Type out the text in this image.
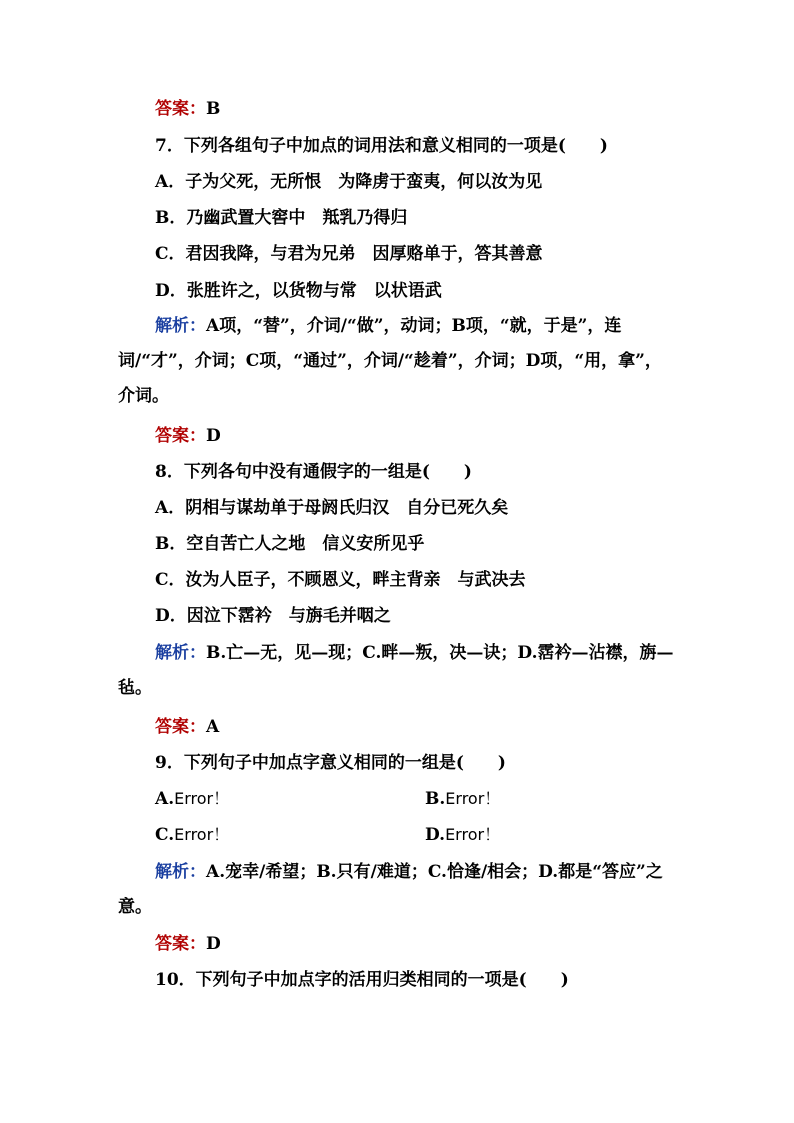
答案：B
7．下列各组句子中加点的词用法和意义相同的一项是(　　)
A．子为父死，无所恨　为降虏于蛮夷，何以汝为见
B．乃幽武置大窖中　羝乳乃得归
C．君因我降，与君为兄弟　因厚赂单于，答其善意
D．张胜许之，以货物与常　以状语武
解析：A项，“替”，介词/“做”，动词；B项，“就，于是”，连词/“才”，介词；C项，“通过”，介词/“趁着”，介词；D项，“用，拿”，介词。
答案：D
8．下列各句中没有通假字的一组是(　　)
A．阴相与谋劫单于母阏氏归汉　自分已死久矣
B．空自苦亡人之地　信义安所见乎
C．汝为人臣子，不顾恩义，畔主背亲　与武决去
D．因泣下霑衿　与旃毛并咽之
解析：B.亡—无，见—现；C.畔—叛，决—诀；D.霑衿—沾襟，旃—毡。
答案：A
9．下列句子中加点字意义相同的一组是(　　)
A.Error！	B.Error！
C.Error！	D.Error！
解析：A.宠幸/希望；B.只有/难道；C.恰逢/相会；D.都是“答应”之意。
答案：D
10．下列句子中加点字的活用归类相同的一项是(　　)
